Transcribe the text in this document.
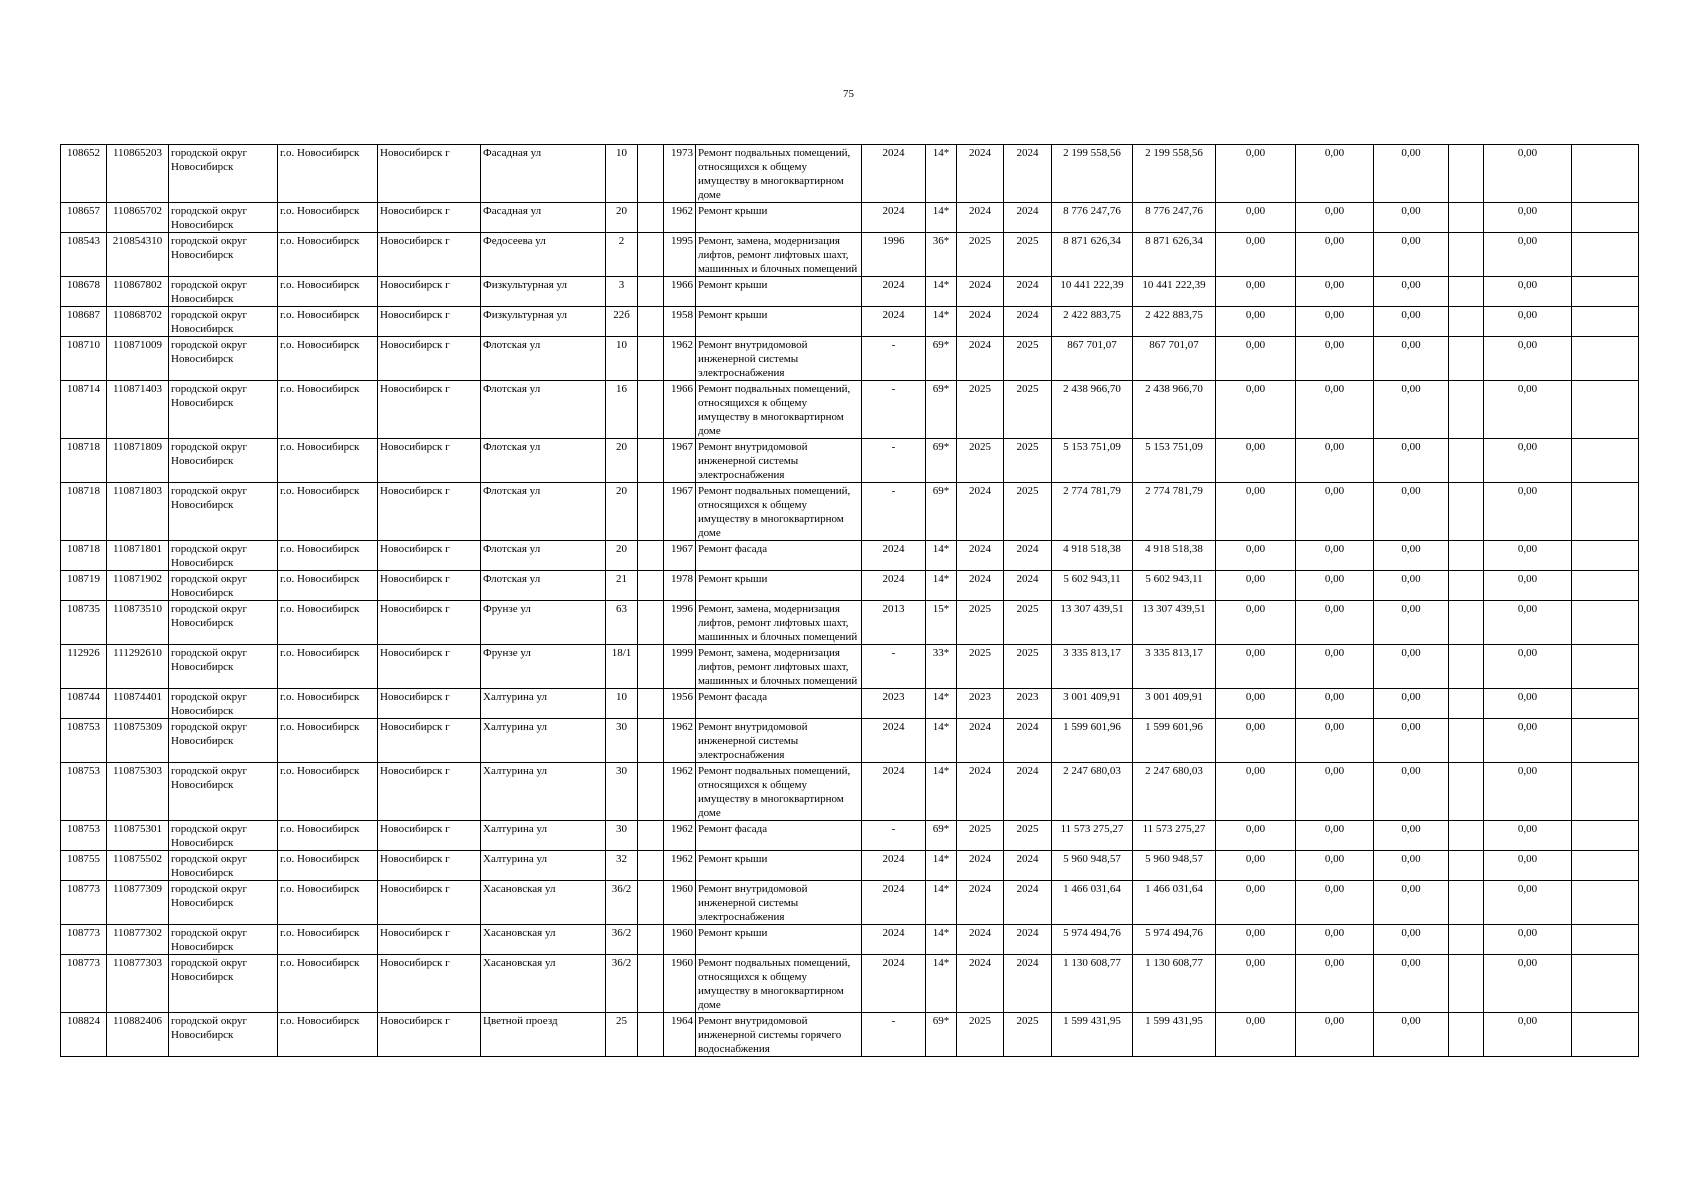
75
108652	110865203	городской округ Новосибирск	г.о. Новосибирск	Новосибирск г	Фасадная ул	10		1973	Ремонт подвальных помещений, относящихся к общему имуществу в многоквартирном доме	2024	14*	2024	2024	2 199 558,56	2 199 558,56	0,00	0,00	0,00		0,00	
108657	110865702	городской округ Новосибирск	г.о. Новосибирск	Новосибирск г	Фасадная ул	20		1962	Ремонт крыши	2024	14*	2024	2024	8 776 247,76	8 776 247,76	0,00	0,00	0,00		0,00	
108543	210854310	городской округ Новосибирск	г.о. Новосибирск	Новосибирск г	Федосеева ул	2		1995	Ремонт, замена, модернизация лифтов, ремонт лифтовых шахт, машинных и блочных помещений	1996	36*	2025	2025	8 871 626,34	8 871 626,34	0,00	0,00	0,00		0,00	
108678	110867802	городской округ Новосибирск	г.о. Новосибирск	Новосибирск г	Физкультурная ул	3		1966	Ремонт крыши	2024	14*	2024	2024	10 441 222,39	10 441 222,39	0,00	0,00	0,00		0,00	
108687	110868702	городской округ Новосибирск	г.о. Новосибирск	Новосибирск г	Физкультурная ул	22б		1958	Ремонт крыши	2024	14*	2024	2024	2 422 883,75	2 422 883,75	0,00	0,00	0,00		0,00	
108710	110871009	городской округ Новосибирск	г.о. Новосибирск	Новосибирск г	Флотская ул	10		1962	Ремонт внутридомовой инженерной системы электроснабжения	-	69*	2024	2025	867 701,07	867 701,07	0,00	0,00	0,00		0,00	
108714	110871403	городской округ Новосибирск	г.о. Новосибирск	Новосибирск г	Флотская ул	16		1966	Ремонт подвальных помещений, относящихся к общему имуществу в многоквартирном доме	-	69*	2025	2025	2 438 966,70	2 438 966,70	0,00	0,00	0,00		0,00	
108718	110871809	городской округ Новосибирск	г.о. Новосибирск	Новосибирск г	Флотская ул	20		1967	Ремонт внутридомовой инженерной системы электроснабжения	-	69*	2025	2025	5 153 751,09	5 153 751,09	0,00	0,00	0,00		0,00	
108718	110871803	городской округ Новосибирск	г.о. Новосибирск	Новосибирск г	Флотская ул	20		1967	Ремонт подвальных помещений, относящихся к общему имуществу в многоквартирном доме	-	69*	2024	2025	2 774 781,79	2 774 781,79	0,00	0,00	0,00		0,00	
108718	110871801	городской округ Новосибирск	г.о. Новосибирск	Новосибирск г	Флотская ул	20		1967	Ремонт фасада	2024	14*	2024	2024	4 918 518,38	4 918 518,38	0,00	0,00	0,00		0,00	
108719	110871902	городской округ Новосибирск	г.о. Новосибирск	Новосибирск г	Флотская ул	21		1978	Ремонт крыши	2024	14*	2024	2024	5 602 943,11	5 602 943,11	0,00	0,00	0,00		0,00	
108735	110873510	городской округ Новосибирск	г.о. Новосибирск	Новосибирск г	Фрунзе ул	63		1996	Ремонт, замена, модернизация лифтов, ремонт лифтовых шахт, машинных и блочных помещений	2013	15*	2025	2025	13 307 439,51	13 307 439,51	0,00	0,00	0,00		0,00	
112926	111292610	городской округ Новосибирск	г.о. Новосибирск	Новосибирск г	Фрунзе ул	18/1		1999	Ремонт, замена, модернизация лифтов, ремонт лифтовых шахт, машинных и блочных помещений	-	33*	2025	2025	3 335 813,17	3 335 813,17	0,00	0,00	0,00		0,00	
108744	110874401	городской округ Новосибирск	г.о. Новосибирск	Новосибирск г	Халтурина ул	10		1956	Ремонт фасада	2023	14*	2023	2023	3 001 409,91	3 001 409,91	0,00	0,00	0,00		0,00	
108753	110875309	городской округ Новосибирск	г.о. Новосибирск	Новосибирск г	Халтурина ул	30		1962	Ремонт внутридомовой инженерной системы электроснабжения	2024	14*	2024	2024	1 599 601,96	1 599 601,96	0,00	0,00	0,00		0,00	
108753	110875303	городской округ Новосибирск	г.о. Новосибирск	Новосибирск г	Халтурина ул	30		1962	Ремонт подвальных помещений, относящихся к общему имуществу в многоквартирном доме	2024	14*	2024	2024	2 247 680,03	2 247 680,03	0,00	0,00	0,00		0,00	
108753	110875301	городской округ Новосибирск	г.о. Новосибирск	Новосибирск г	Халтурина ул	30		1962	Ремонт фасада	-	69*	2025	2025	11 573 275,27	11 573 275,27	0,00	0,00	0,00		0,00	
108755	110875502	городской округ Новосибирск	г.о. Новосибирск	Новосибирск г	Халтурина ул	32		1962	Ремонт крыши	2024	14*	2024	2024	5 960 948,57	5 960 948,57	0,00	0,00	0,00		0,00	
108773	110877309	городской округ Новосибирск	г.о. Новосибирск	Новосибирск г	Хасановская ул	36/2		1960	Ремонт внутридомовой инженерной системы электроснабжения	2024	14*	2024	2024	1 466 031,64	1 466 031,64	0,00	0,00	0,00		0,00	
108773	110877302	городской округ Новосибирск	г.о. Новосибирск	Новосибирск г	Хасановская ул	36/2		1960	Ремонт крыши	2024	14*	2024	2024	5 974 494,76	5 974 494,76	0,00	0,00	0,00		0,00	
108773	110877303	городской округ Новосибирск	г.о. Новосибирск	Новосибирск г	Хасановская ул	36/2		1960	Ремонт подвальных помещений, относящихся к общему имуществу в многоквартирном доме	2024	14*	2024	2024	1 130 608,77	1 130 608,77	0,00	0,00	0,00		0,00	
108824	110882406	городской округ Новосибирск	г.о. Новосибирск	Новосибирск г	Цветной проезд	25		1964	Ремонт внутридомовой инженерной системы горячего водоснабжения	-	69*	2025	2025	1 599 431,95	1 599 431,95	0,00	0,00	0,00		0,00	
